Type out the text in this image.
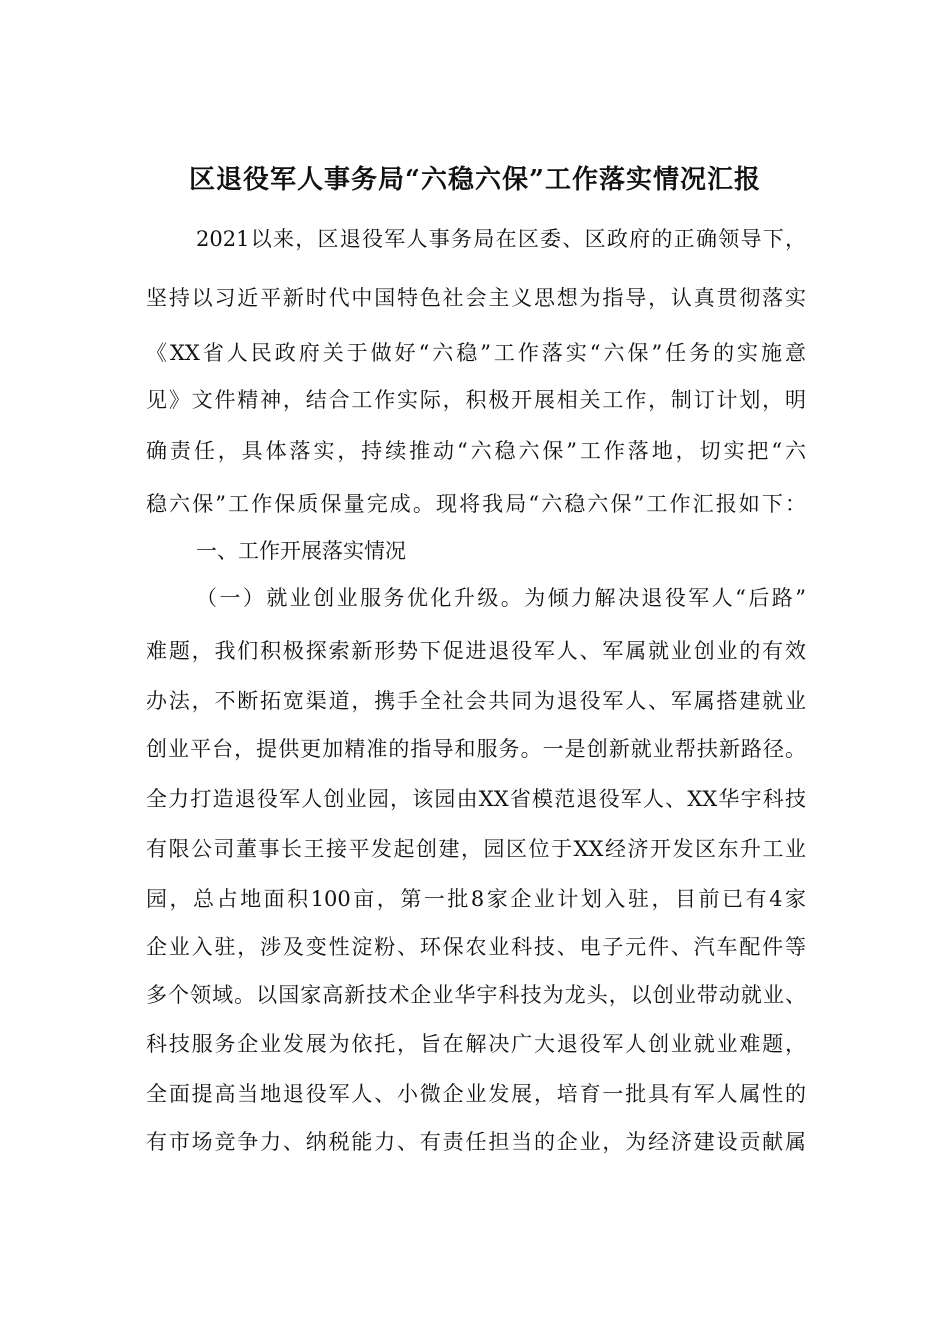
区退役军人事务局“六稳六保”工作落实情况汇报

2021以来，区退役军人事务局在区委、区政府的正确领导下，

坚持以习近平新时代中国特色社会主义思想为指导，认真贯彻落实

《XX省人民政府关于做好“六稳”工作落实“六保”任务的实施意

见》文件精神，结合工作实际，积极开展相关工作，制订计划，明

确责任，具体落实，持续推动“六稳六保”工作落地，切实把“六

稳六保”工作保质保量完成。现将我局“六稳六保”工作汇报如下：

一、工作开展落实情况

（一）就业创业服务优化升级。为倾力解决退役军人“后路”

难题，我们积极探索新形势下促进退役军人、军属就业创业的有效

办法，不断拓宽渠道，携手全社会共同为退役军人、军属搭建就业

创业平台，提供更加精准的指导和服务。一是创新就业帮扶新路径。

全力打造退役军人创业园，该园由XX省模范退役军人、XX华宇科技

有限公司董事长王接平发起创建，园区位于XX经济开发区东升工业

园，总占地面积100亩，第一批8家企业计划入驻，目前已有4家

企业入驻，涉及变性淀粉、环保农业科技、电子元件、汽车配件等

多个领域。以国家高新技术企业华宇科技为龙头，以创业带动就业、

科技服务企业发展为依托，旨在解决广大退役军人创业就业难题，

全面提高当地退役军人、小微企业发展，培育一批具有军人属性的

有市场竞争力、纳税能力、有责任担当的企业，为经济建设贡献属
